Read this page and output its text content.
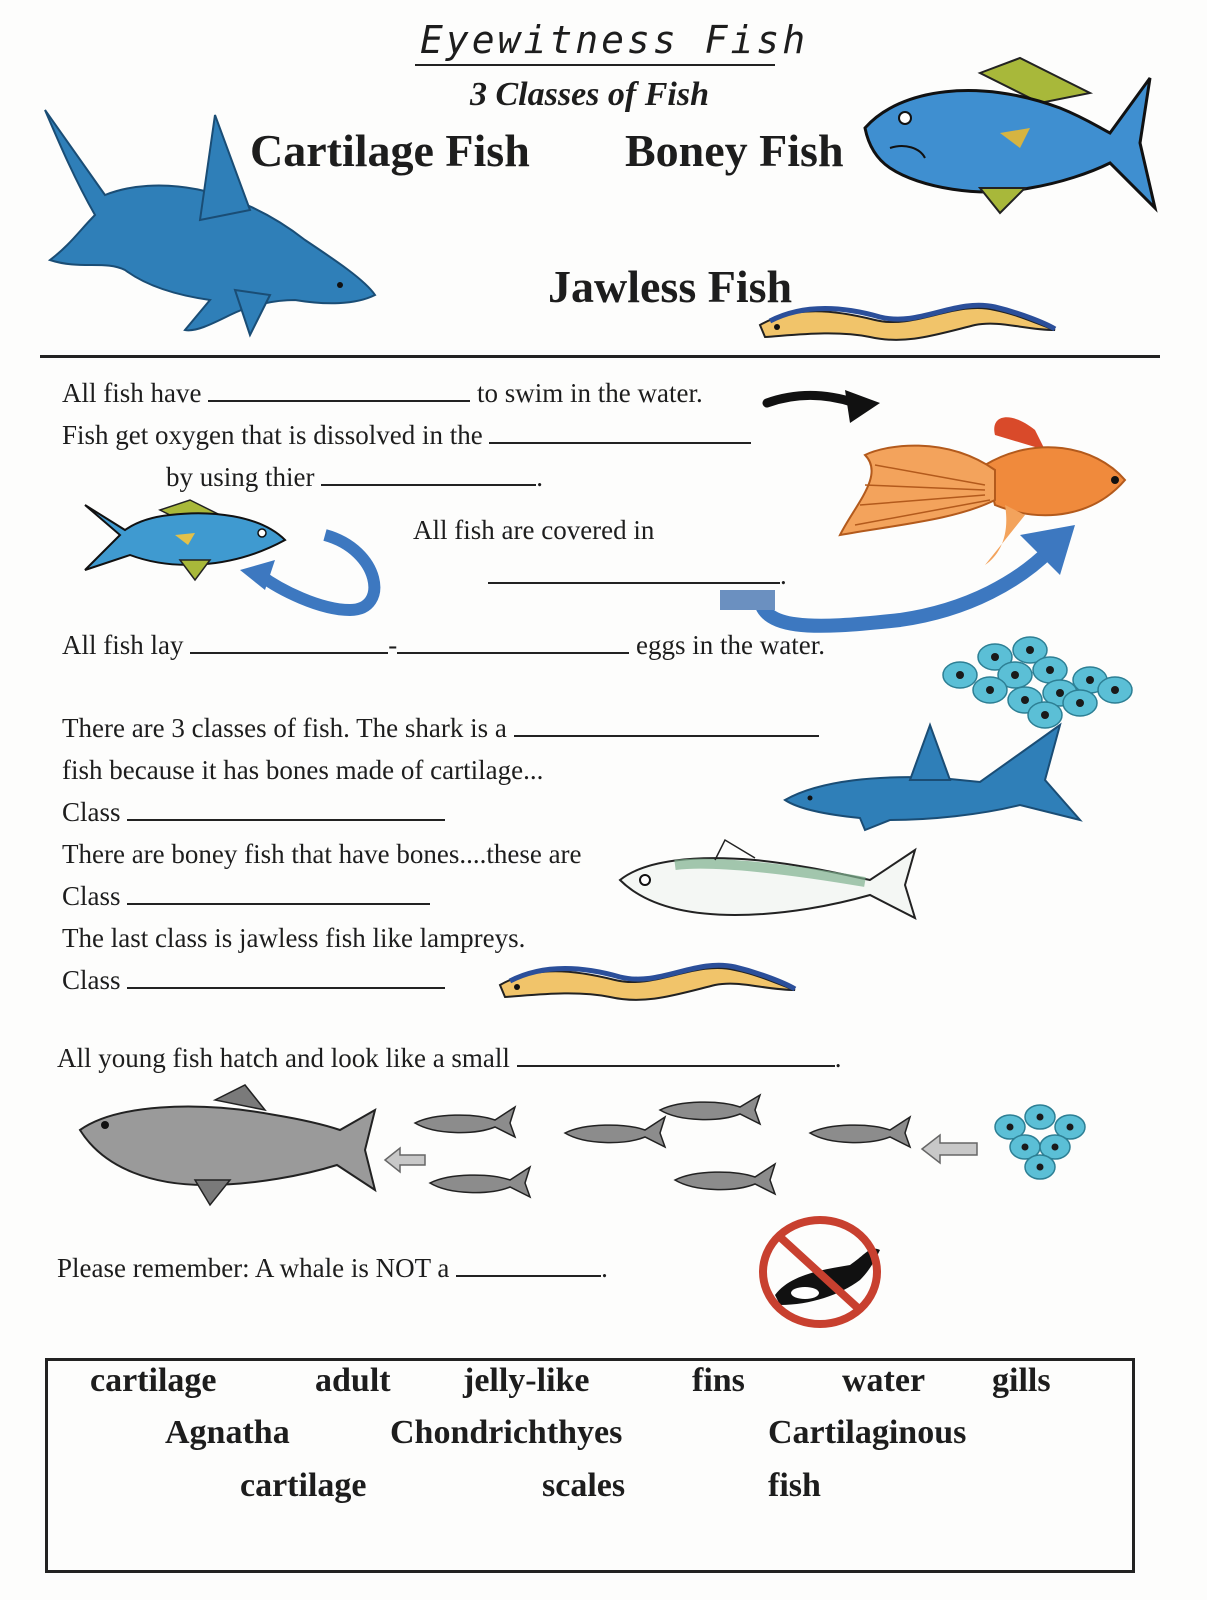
Eyewitness Fish
3 Classes of Fish
Cartilage Fish Boney Fish
Jawless Fish
All fish have	to swim in the water.
Fish get oxygen that is dissolved in the
by using thier	.
All fish are covered in
.
All fish lay	-	eggs in the water.
There are 3 classes of fish. The shark is a
fish because it has bones made of cartilage...
Class
There are boney fish that have bones....these are
Class
The last class is jawless fish like lampreys.
Class
All young fish hatch and look like a small	.
Please remember: A whale is NOT a	.
cartilage	adult jelly-like	fins	water gills
Agnatha	Chondrichthyes	Cartilaginous
cartilage	scales	fish
